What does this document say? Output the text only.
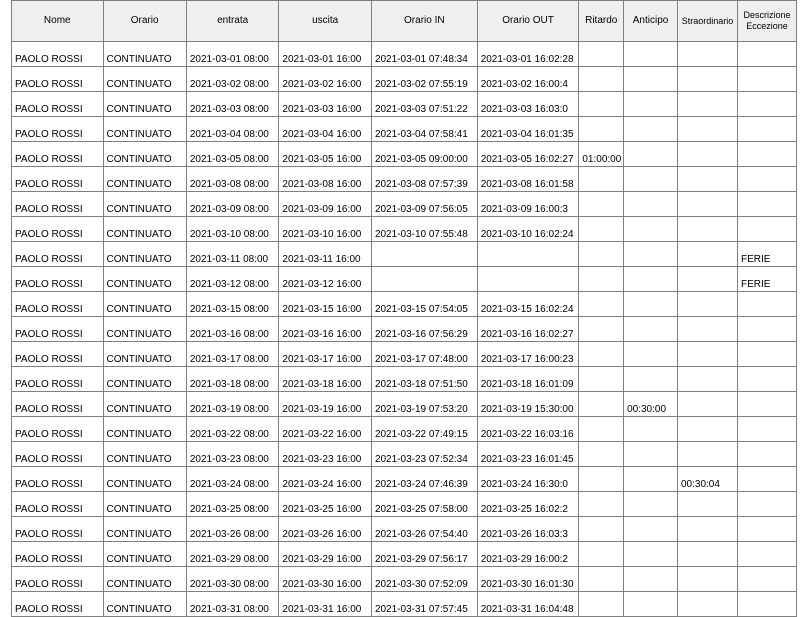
Nome	Orario	entrata	uscita	Orario IN	Orario OUT	Ritardo	Anticipo	Straordinario	Descrizione Eccezione
PAOLO ROSSI	CONTINUATO	2021-03-01 08:00	2021-03-01 16:00	2021-03-01 07:48:34	2021-03-01 16:02:28				
PAOLO ROSSI	CONTINUATO	2021-03-02 08:00	2021-03-02 16:00	2021-03-02 07:55:19	2021-03-02 16:00:4				
PAOLO ROSSI	CONTINUATO	2021-03-03 08:00	2021-03-03 16:00	2021-03-03 07:51:22	2021-03-03 16:03:0				
PAOLO ROSSI	CONTINUATO	2021-03-04 08:00	2021-03-04 16:00	2021-03-04 07:58:41	2021-03-04 16:01:35				
PAOLO ROSSI	CONTINUATO	2021-03-05 08:00	2021-03-05 16:00	2021-03-05 09:00:00	2021-03-05 16:02:27	01:00:00			
PAOLO ROSSI	CONTINUATO	2021-03-08 08:00	2021-03-08 16:00	2021-03-08 07:57:39	2021-03-08 16:01:58				
PAOLO ROSSI	CONTINUATO	2021-03-09 08:00	2021-03-09 16:00	2021-03-09 07:56:05	2021-03-09 16:00:3				
PAOLO ROSSI	CONTINUATO	2021-03-10 08:00	2021-03-10 16:00	2021-03-10 07:55:48	2021-03-10 16:02:24				
PAOLO ROSSI	CONTINUATO	2021-03-11 08:00	2021-03-11 16:00						FERIE
PAOLO ROSSI	CONTINUATO	2021-03-12 08:00	2021-03-12 16:00						FERIE
PAOLO ROSSI	CONTINUATO	2021-03-15 08:00	2021-03-15 16:00	2021-03-15 07:54:05	2021-03-15 16:02:24				
PAOLO ROSSI	CONTINUATO	2021-03-16 08:00	2021-03-16 16:00	2021-03-16 07:56:29	2021-03-16 16:02:27				
PAOLO ROSSI	CONTINUATO	2021-03-17 08:00	2021-03-17 16:00	2021-03-17 07:48:00	2021-03-17 16:00:23				
PAOLO ROSSI	CONTINUATO	2021-03-18 08:00	2021-03-18 16:00	2021-03-18 07:51:50	2021-03-18 16:01:09				
PAOLO ROSSI	CONTINUATO	2021-03-19 08:00	2021-03-19 16:00	2021-03-19 07:53:20	2021-03-19 15:30:00		00:30:00		
PAOLO ROSSI	CONTINUATO	2021-03-22 08:00	2021-03-22 16:00	2021-03-22 07:49:15	2021-03-22 16:03:16				
PAOLO ROSSI	CONTINUATO	2021-03-23 08:00	2021-03-23 16:00	2021-03-23 07:52:34	2021-03-23 16:01:45				
PAOLO ROSSI	CONTINUATO	2021-03-24 08:00	2021-03-24 16:00	2021-03-24 07:46:39	2021-03-24 16:30:0			00:30:04	
PAOLO ROSSI	CONTINUATO	2021-03-25 08:00	2021-03-25 16:00	2021-03-25 07:58:00	2021-03-25 16:02:2				
PAOLO ROSSI	CONTINUATO	2021-03-26 08:00	2021-03-26 16:00	2021-03-26 07:54:40	2021-03-26 16:03:3				
PAOLO ROSSI	CONTINUATO	2021-03-29 08:00	2021-03-29 16:00	2021-03-29 07:56:17	2021-03-29 16:00:2				
PAOLO ROSSI	CONTINUATO	2021-03-30 08:00	2021-03-30 16:00	2021-03-30 07:52:09	2021-03-30 16:01:30				
PAOLO ROSSI	CONTINUATO	2021-03-31 08:00	2021-03-31 16:00	2021-03-31 07:57:45	2021-03-31 16:04:48				
